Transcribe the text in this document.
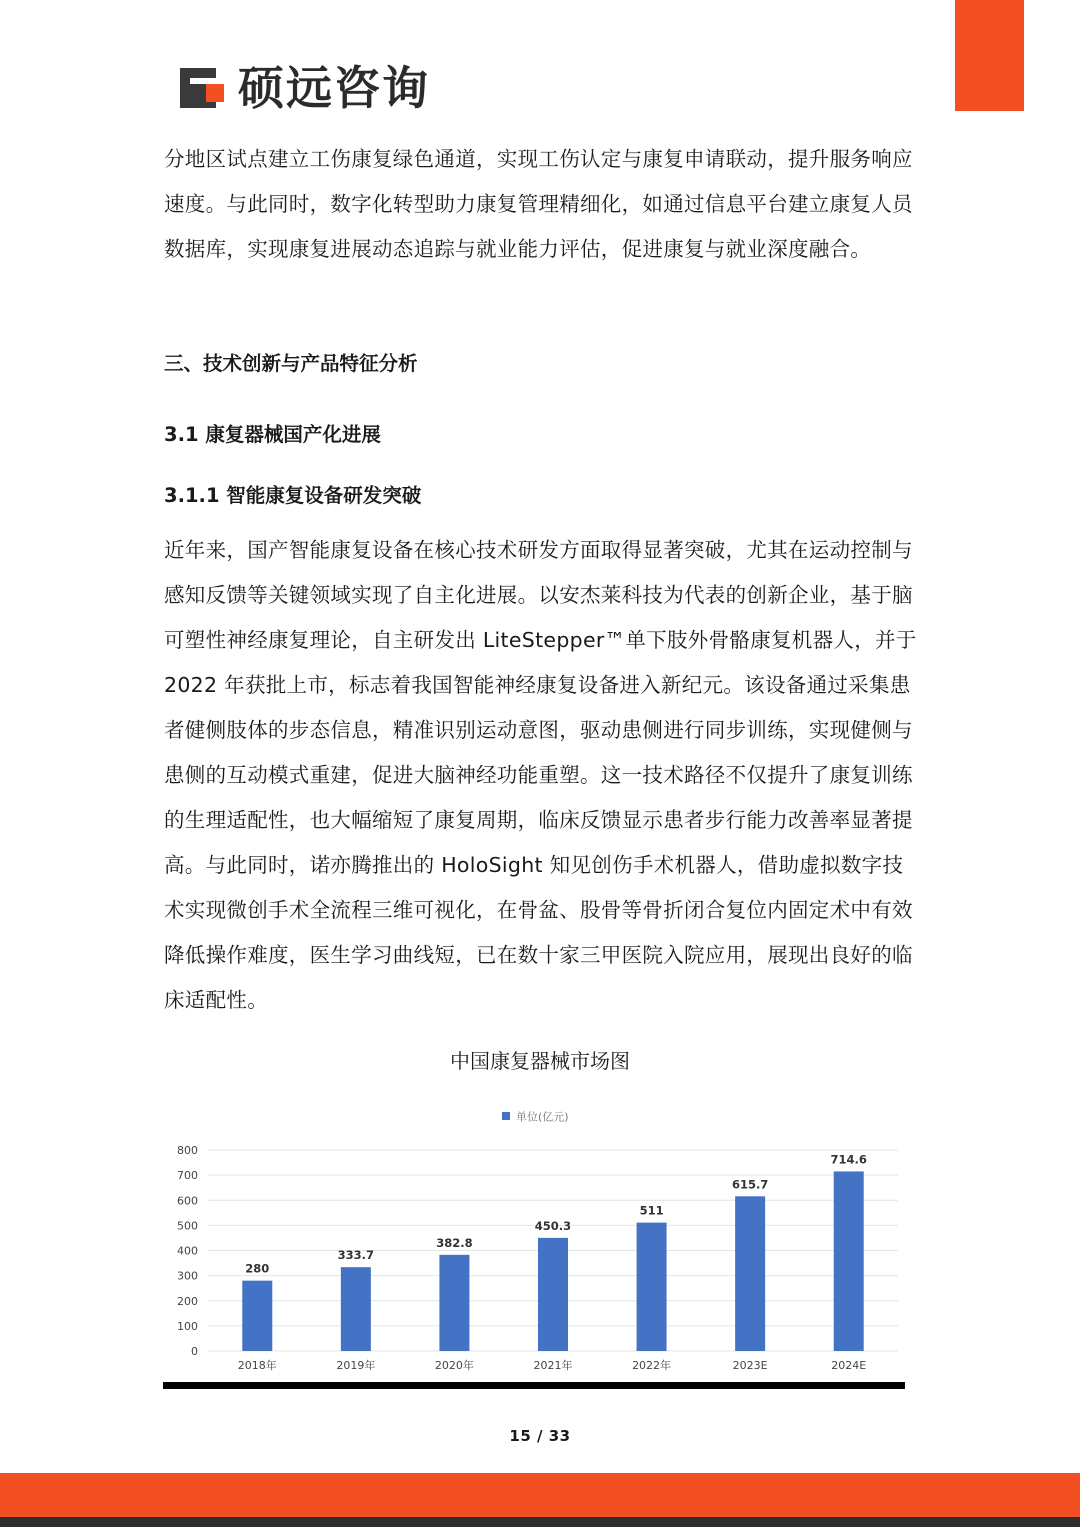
硕远咨询

分地区试点建立工伤康复绿色通道，实现工伤认定与康复申请联动，提升服务响应速度。与此同时，数字化转型助力康复管理精细化，如通过信息平台建立康复人员数据库，实现康复进展动态追踪与就业能力评估，促进康复与就业深度融合。

三、技术创新与产品特征分析
3.1 康复器械国产化进展
3.1.1 智能康复设备研发突破

近年来，国产智能康复设备在核心技术研发方面取得显著突破，尤其在运动控制与感知反馈等关键领域实现了自主化进展。以安杰莱科技为代表的创新企业，基于脑可塑性神经康复理论，自主研发出 LiteStepper™单下肢外骨骼康复机器人，并于 2022 年获批上市，标志着我国智能神经康复设备进入新纪元。该设备通过采集患者健侧肢体的步态信息，精准识别运动意图，驱动患侧进行同步训练，实现健侧与患侧的互动模式重建，促进大脑神经功能重塑。这一技术路径不仅提升了康复训练的生理适配性，也大幅缩短了康复周期，临床反馈显示患者步行能力改善率显著提高。与此同时，诺亦腾推出的 HoloSight 知见创伤手术机器人，借助虚拟数字技术实现微创手术全流程三维可视化，在骨盆、股骨等骨折闭合复位内固定术中有效降低操作难度，医生学习曲线短，已在数十家三甲医院入院应用，展现出良好的临床适配性。

中国康复器械市场图
0
100
200
300
400
500
600
700
800
280
2018年
333.7
2019年
382.8
2020年
450.3
2021年
511
2022年
615.7
2023E
714.6
2024E
单位(亿元)
15 / 33
